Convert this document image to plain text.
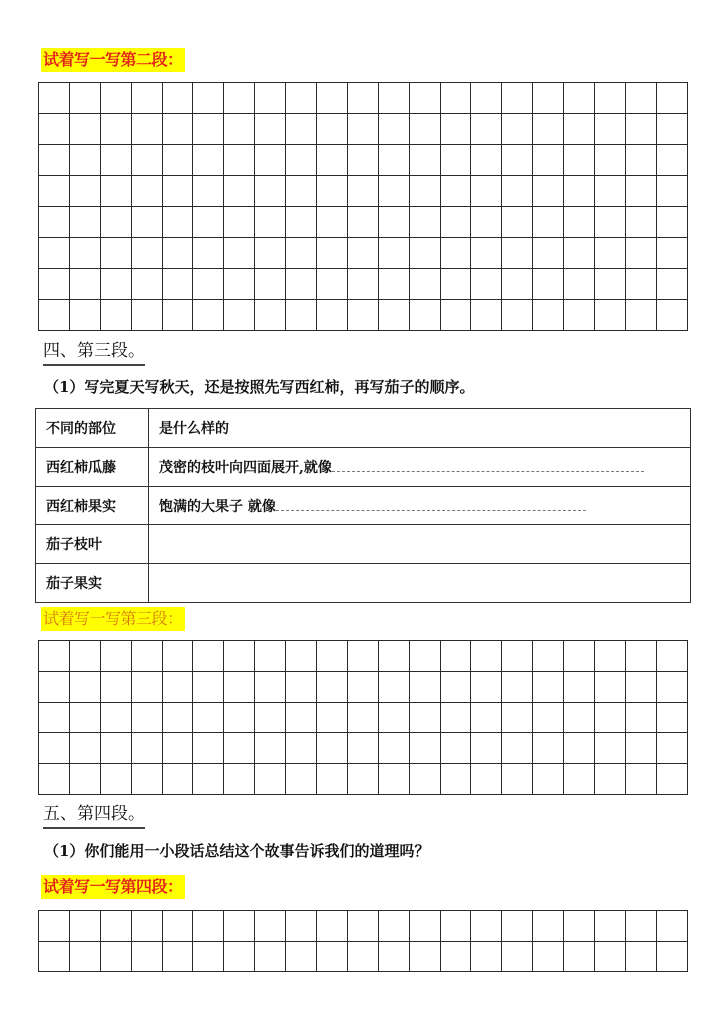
试着写一写第二段：

四、第三段。
（1）写完夏天写秋天，还是按照先写西红柿，再写茄子的顺序。
不同的部位	是什么样的
西红柿瓜藤	茂密的枝叶向四面展开,就像
西红柿果实	饱满的大果子 就像
茄子枝叶	
茄子果实	
试着写一写第三段：

五、第四段。
（1）你们能用一小段话总结这个故事告诉我们的道理吗？
试着写一写第四段：
